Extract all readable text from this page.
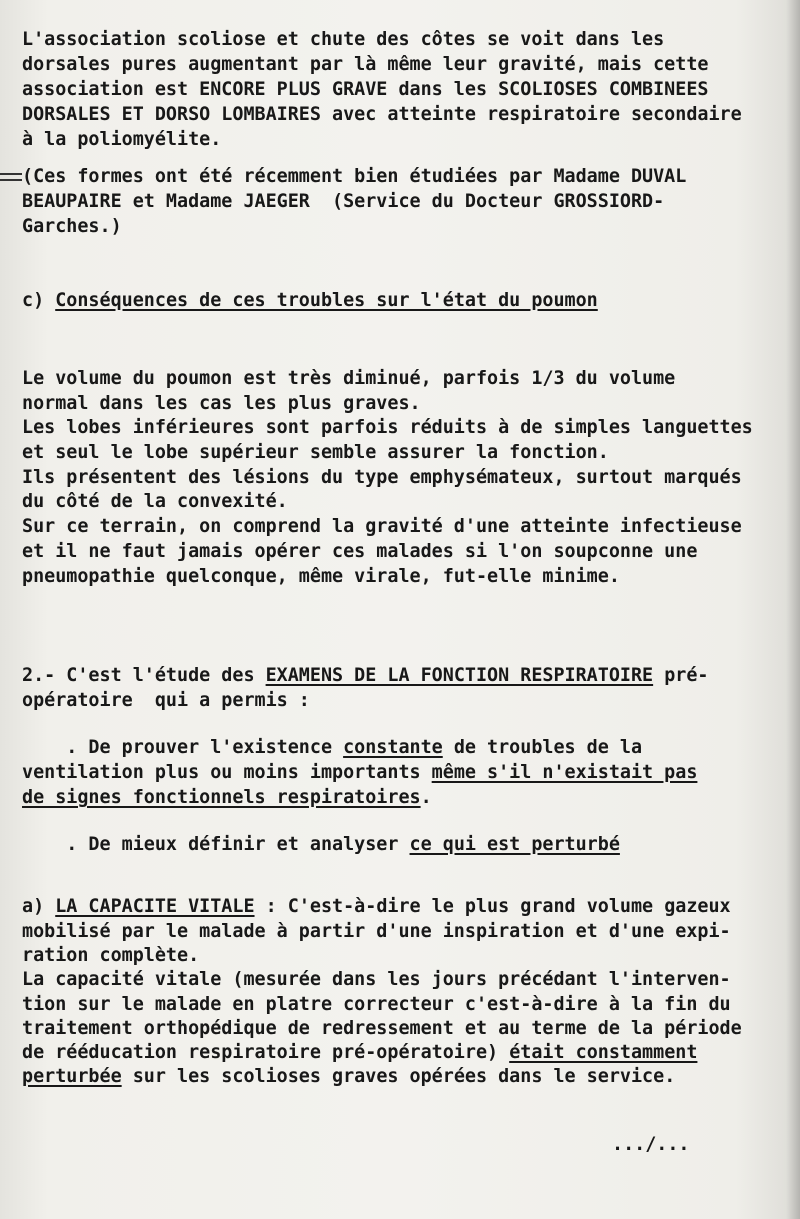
L'association scoliose et chute des côtes se voit dans les
dorsales pures augmentant par là même leur gravité, mais cette
association est ENCORE PLUS GRAVE dans les SCOLIOSES COMBINEES
DORSALES ET DORSO LOMBAIRES avec atteinte respiratoire secondaire
à la poliomyélite.
(Ces formes ont été récemment bien étudiées par Madame DUVAL
BEAUPAIRE et Madame JAEGER  (Service du Docteur GROSSIORD-
Garches.)
c) Conséquences de ces troubles sur l'état du poumon
Le volume du poumon est très diminué, parfois 1/3 du volume
normal dans les cas les plus graves.
Les lobes inférieures sont parfois réduits à de simples languettes
et seul le lobe supérieur semble assurer la fonction.
Ils présentent des lésions du type emphysémateux, surtout marqués
du côté de la convexité.
Sur ce terrain, on comprend la gravité d'une atteinte infectieuse
et il ne faut jamais opérer ces malades si l'on soupconne une
pneumopathie quelconque, même virale, fut-elle minime.
2.- C'est l'étude des EXAMENS DE LA FONCTION RESPIRATOIRE pré-
opératoire  qui a permis :
. De prouver l'existence constante de troubles de la
ventilation plus ou moins importants même s'il n'existait pas
de signes fonctionnels respiratoires.
. De mieux définir et analyser ce qui est perturbé
a) LA CAPACITE VITALE : C'est-à-dire le plus grand volume gazeux
mobilisé par le malade à partir d'une inspiration et d'une expi-
ration complète.
La capacité vitale (mesurée dans les jours précédant l'interven-
tion sur le malade en platre correcteur c'est-à-dire à la fin du
traitement orthopédique de redressement et au terme de la période
de rééducation respiratoire pré-opératoire) était constamment
perturbée sur les scolioses graves opérées dans le service.
.../...
